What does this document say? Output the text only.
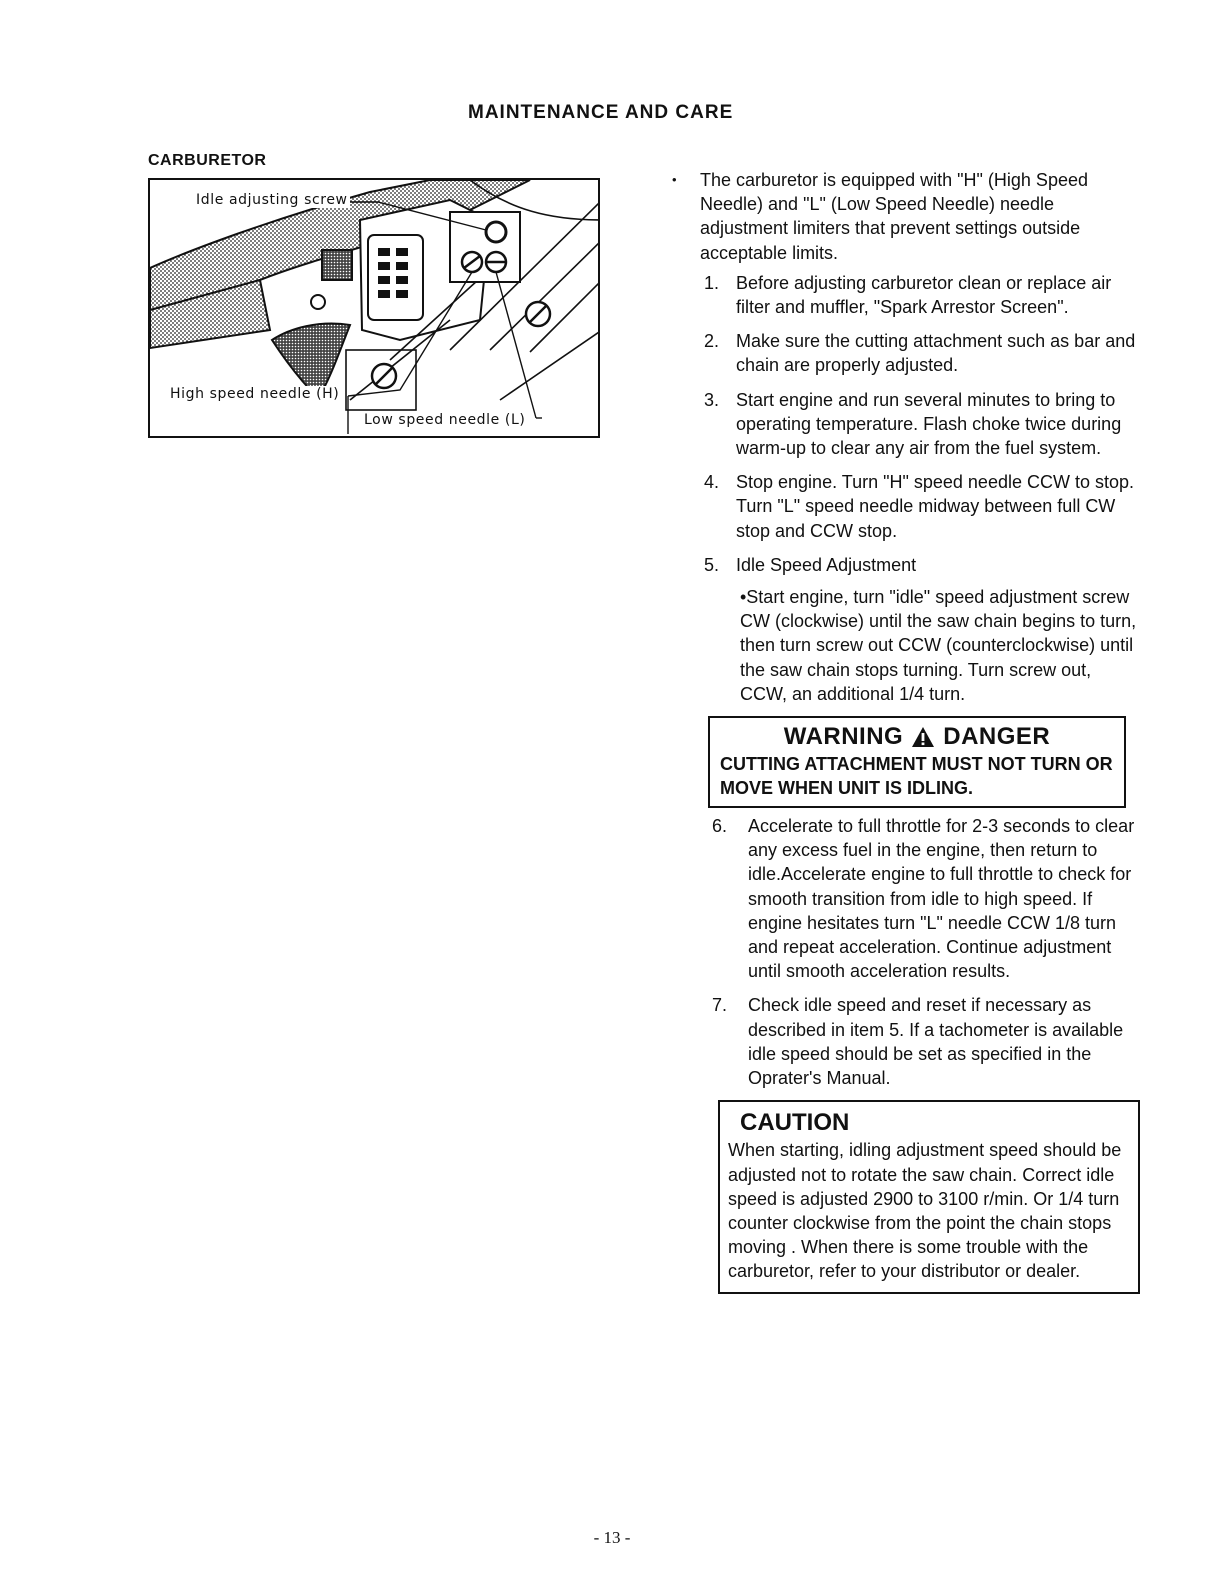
MAINTENANCE AND CARE
CARBURETOR
Idle adjusting screw
High speed needle (H)
Low speed needle (L)
• The carburetor is equipped with "H" (High Speed Needle) and "L" (Low Speed Needle) needle adjustment limiters that prevent settings outside acceptable limits.
1. Before adjusting carburetor clean or replace air filter and muffler, "Spark Arrestor Screen".
2. Make sure the cutting attachment such as bar and chain are properly adjusted.
3. Start engine and run several minutes to bring to operating temperature. Flash choke twice during warm-up to clear any air from the fuel system.
4. Stop engine. Turn "H" speed needle CCW to stop. Turn "L" speed needle midway between full CW stop and CCW stop.
5. Idle Speed Adjustment
•Start engine, turn "idle" speed adjustment screw CW (clockwise) until the saw chain begins to turn, then turn screw out CCW (counterclockwise) until the saw chain stops turning. Turn screw out, CCW, an additional 1/4 turn.
WARNING DANGER
CUTTING ATTACHMENT MUST NOT TURN OR MOVE WHEN UNIT IS IDLING.
6. Accelerate to full throttle for 2-3 seconds to clear any excess fuel in the engine, then return to idle.Accelerate engine to full throttle to check for smooth transition from idle to high speed. If engine hesitates turn "L" needle CCW 1/8 turn and repeat acceleration. Continue adjustment until smooth acceleration results.
7. Check idle speed and reset if necessary as described in item 5. If a tachometer is available idle speed should be set as specified in the Oprater's Manual.
CAUTION
When starting, idling adjustment speed should be adjusted not to rotate the saw chain. Correct idle speed is adjusted 2900 to 3100 r/min. Or 1/4 turn counter clockwise from the point the chain stops moving . When there is some trouble with the carburetor, refer to your distributor or dealer.
- 13 -
